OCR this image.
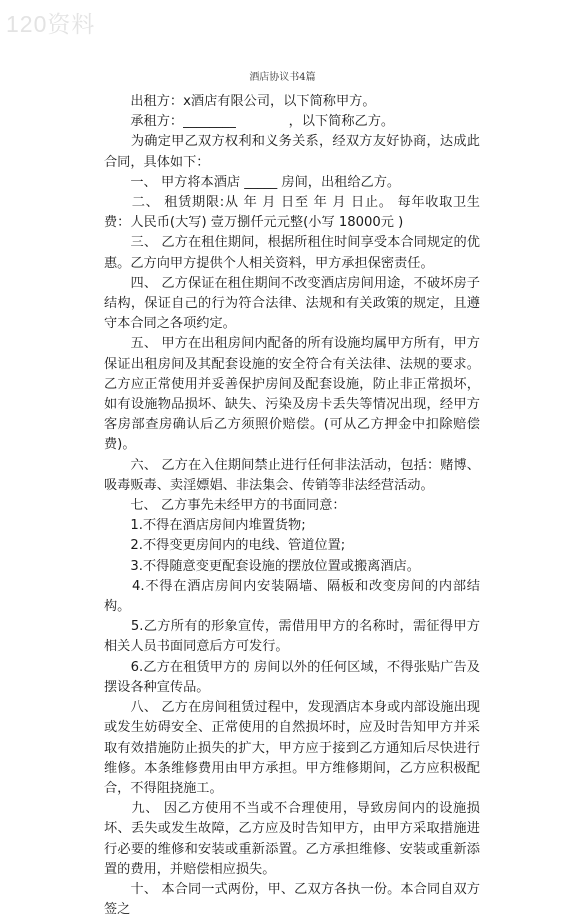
120资料
酒店协议书4篇

　　出租方：x酒店有限公司，以下简称甲方。

　　承租方：________　　　　，以下简称乙方。

　　为确定甲乙双方权利和义务关系，经双方友好协商，达成此合同，具体如下：

　　一、 甲方将本酒店 _____ 房间，出租给乙方。

　　二、 租赁期限:从 年 月 日至 年 月 日止。 每年收取卫生费：人民币(大写) 壹万捌仟元元整(小写 18000元 )

　　三、 乙方在租住期间，根据所租住时间享受本合同规定的优惠。乙方向甲方提供个人相关资料，甲方承担保密责任。

　　四、 乙方保证在租住期间不改变酒店房间用途，不破坏房子结构，保证自己的行为符合法律、法规和有关政策的规定，且遵守本合同之各项约定。

　　五、 甲方在出租房间内配备的所有设施均属甲方所有，甲方保证出租房间及其配套设施的安全符合有关法律、法规的要求。乙方应正常使用并妥善保护房间及配套设施，防止非正常损坏，如有设施物品损坏、缺失、污染及房卡丢失等情况出现，经甲方客房部查房确认后乙方须照价赔偿。(可从乙方押金中扣除赔偿费)。

　　六、 乙方在入住期间禁止进行任何非法活动，包括：赌博、吸毒贩毒、卖淫嫖娼、非法集会、传销等非法经营活动。

　　七、 乙方事先未经甲方的书面同意：

　　1.不得在酒店房间内堆置货物;

　　2.不得变更房间内的电线、管道位置;

　　3.不得随意变更配套设施的摆放位置或搬离酒店。

　　4.不得在酒店房间内安装隔墙、隔板和改变房间的内部结构。

　　5.乙方所有的形象宣传，需借用甲方的名称时，需征得甲方相关人员书面同意后方可发行。

　　6.乙方在租赁甲方的 房间以外的任何区域，不得张贴广告及摆设各种宣传品。

　　八、 乙方在房间租赁过程中，发现酒店本身或内部设施出现或发生妨碍安全、正常使用的自然损坏时，应及时告知甲方并采取有效措施防止损失的扩大，甲方应于接到乙方通知后尽快进行维修。本条维修费用由甲方承担。甲方维修期间，乙方应积极配合，不得阻挠施工。

　　九、 因乙方使用不当或不合理使用，导致房间内的设施损坏、丢失或发生故障，乙方应及时告知甲方，由甲方采取措施进行必要的维修和安装或重新添置。乙方承担维修、安装或重新添置的费用，并赔偿相应损失。

　　十、 本合同一式两份，甲、乙双方各执一份。本合同自双方签之
